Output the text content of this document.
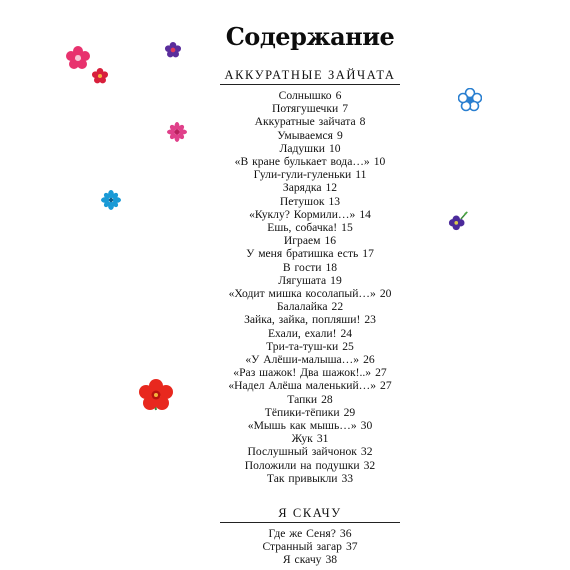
Содержание
АККУРАТНЫЕ ЗАЙЧАТА
Солнышко 6
Потягушечки 7
Аккуратные зайчата 8
Умываемся 9
Ладушки 10
«В кране булькает вода…» 10
Гули-гули-гуленьки 11
Зарядка 12
Петушок 13
«Куклу? Кормили…» 14
Ешь, собачка! 15
Играем 16
У меня братишка есть 17
В гости 18
Лягушата 19
«Ходит мишка косолапый…» 20
Балалайка 22
Зайка, зайка, попляши! 23
Ехали, ехали! 24
Три-та-туш-ки 25
«У Алёши-малыша…» 26
«Раз шажок! Два шажок!..» 27
«Надел Алёша маленький…» 27
Тапки 28
Тёпики-тёпики 29
«Мышь как мышь…» 30
Жук 31
Послушный зайчонок 32
Положили на подушки 32
Так привыкли 33
Я СКАЧУ
Где же Сеня? 36
Странный загар 37
Я скачу 38
